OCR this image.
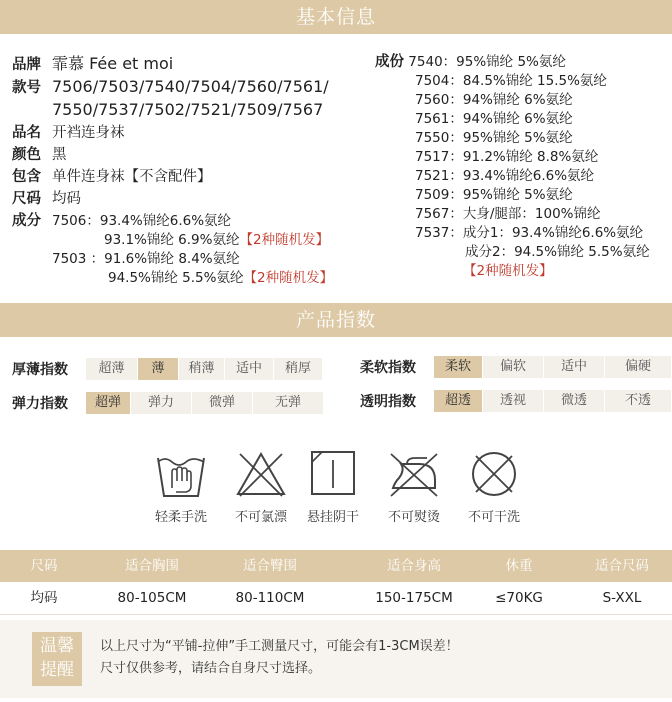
基本信息
品牌 霏慕 Fée et moi
款号 7506/7503/7540/7504/7560/7561/
7550/7537/7502/7521/7509/7567
品名 开裆连身袜
颜色 黑
包含 单件连身袜【不含配件】
尺码 均码
成分 7506：93.4%锦纶6.6%氨纶
93.1%锦纶 6.9%氨纶【2种随机发】
7503 ：91.6%锦纶 8.4%氨纶
94.5%锦纶 5.5%氨纶【2种随机发】
成份 7540：95%锦纶 5%氨纶
7504：84.5%锦纶 15.5%氨纶
7560：94%锦纶 6%氨纶
7561：94%锦纶 6%氨纶
7550：95%锦纶 5%氨纶
7517：91.2%锦纶 8.8%氨纶
7521：93.4%锦纶6.6%氨纶
7509：95%锦纶 5%氨纶
7567：大身/腿部：100%锦纶
7537：成分1：93.4%锦纶6.6%氨纶
成分2：94.5%锦纶 5.5%氨纶
【2种随机发】
产品指数
厚薄指数	超薄	薄	稍薄	适中	稍厚	柔软指数	柔软	偏软	适中	偏硬
弹力指数	超弹	弹力	微弹	无弹	透明指数	超透	透视	微透	不透
轻柔手洗	不可氯漂	悬挂阴干	不可熨烫	不可干洗
尺码	适合胸围	适合臀围	适合身高	休重	适合尺码
均码	80-105CM	80-110CM	150-175CM	≤70KG	S-XXL
温馨
提醒
以上尺寸为“平铺-拉伸”手工测量尺寸，可能会有1-3CM误差！
尺寸仅供参考，请结合自身尺寸选择。
